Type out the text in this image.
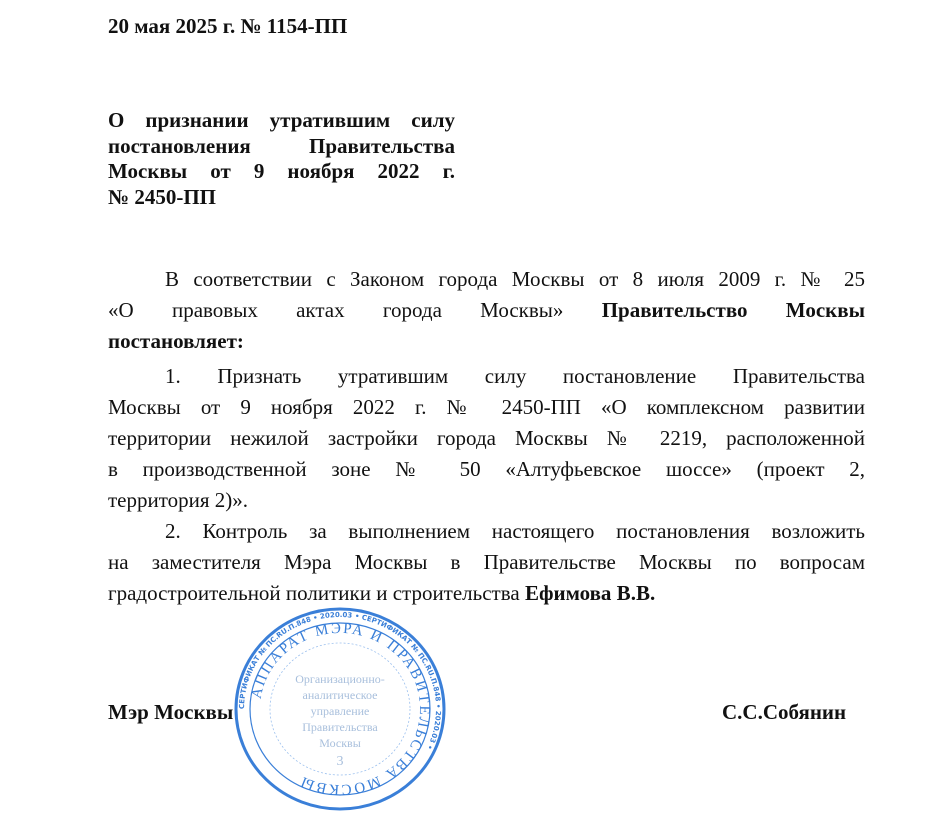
20 мая 2025 г. № 1154-ПП
О признании утратившим силу
постановления Правительства
Москвы от 9 ноября 2022 г.
№ 2450-ПП
В соответствии с Законом города Москвы от 8 июля 2009 г. № 25
«О правовых актах города Москвы» Правительство Москвы
постановляет:
1. Признать утратившим силу постановление Правительства
Москвы от 9 ноября 2022 г. № 2450-ПП «О комплексном развитии
территории нежилой застройки города Москвы № 2219, расположенной
в производственной зоне № 50 «Алтуфьевское шоссе» (проект 2,
территория 2)».
2. Контроль за выполнением настоящего постановления возложить
на заместителя Мэра Москвы в Правительстве Москвы по вопросам
градостроительной политики и строительства Ефимова В.В.
СЕРТИФИКАТ № ПС.RU.П.848 • 2020.03 • СЕРТИФИКАТ № ПС.RU.П.848 • 2020.03 •
АППАРАТ МЭРА И ПРАВИТЕЛЬСТВА МОСКВЫ
Организационно-
аналитическое
управление
Правительства
Москвы
3
Мэр Москвы	С.С.Собянин
